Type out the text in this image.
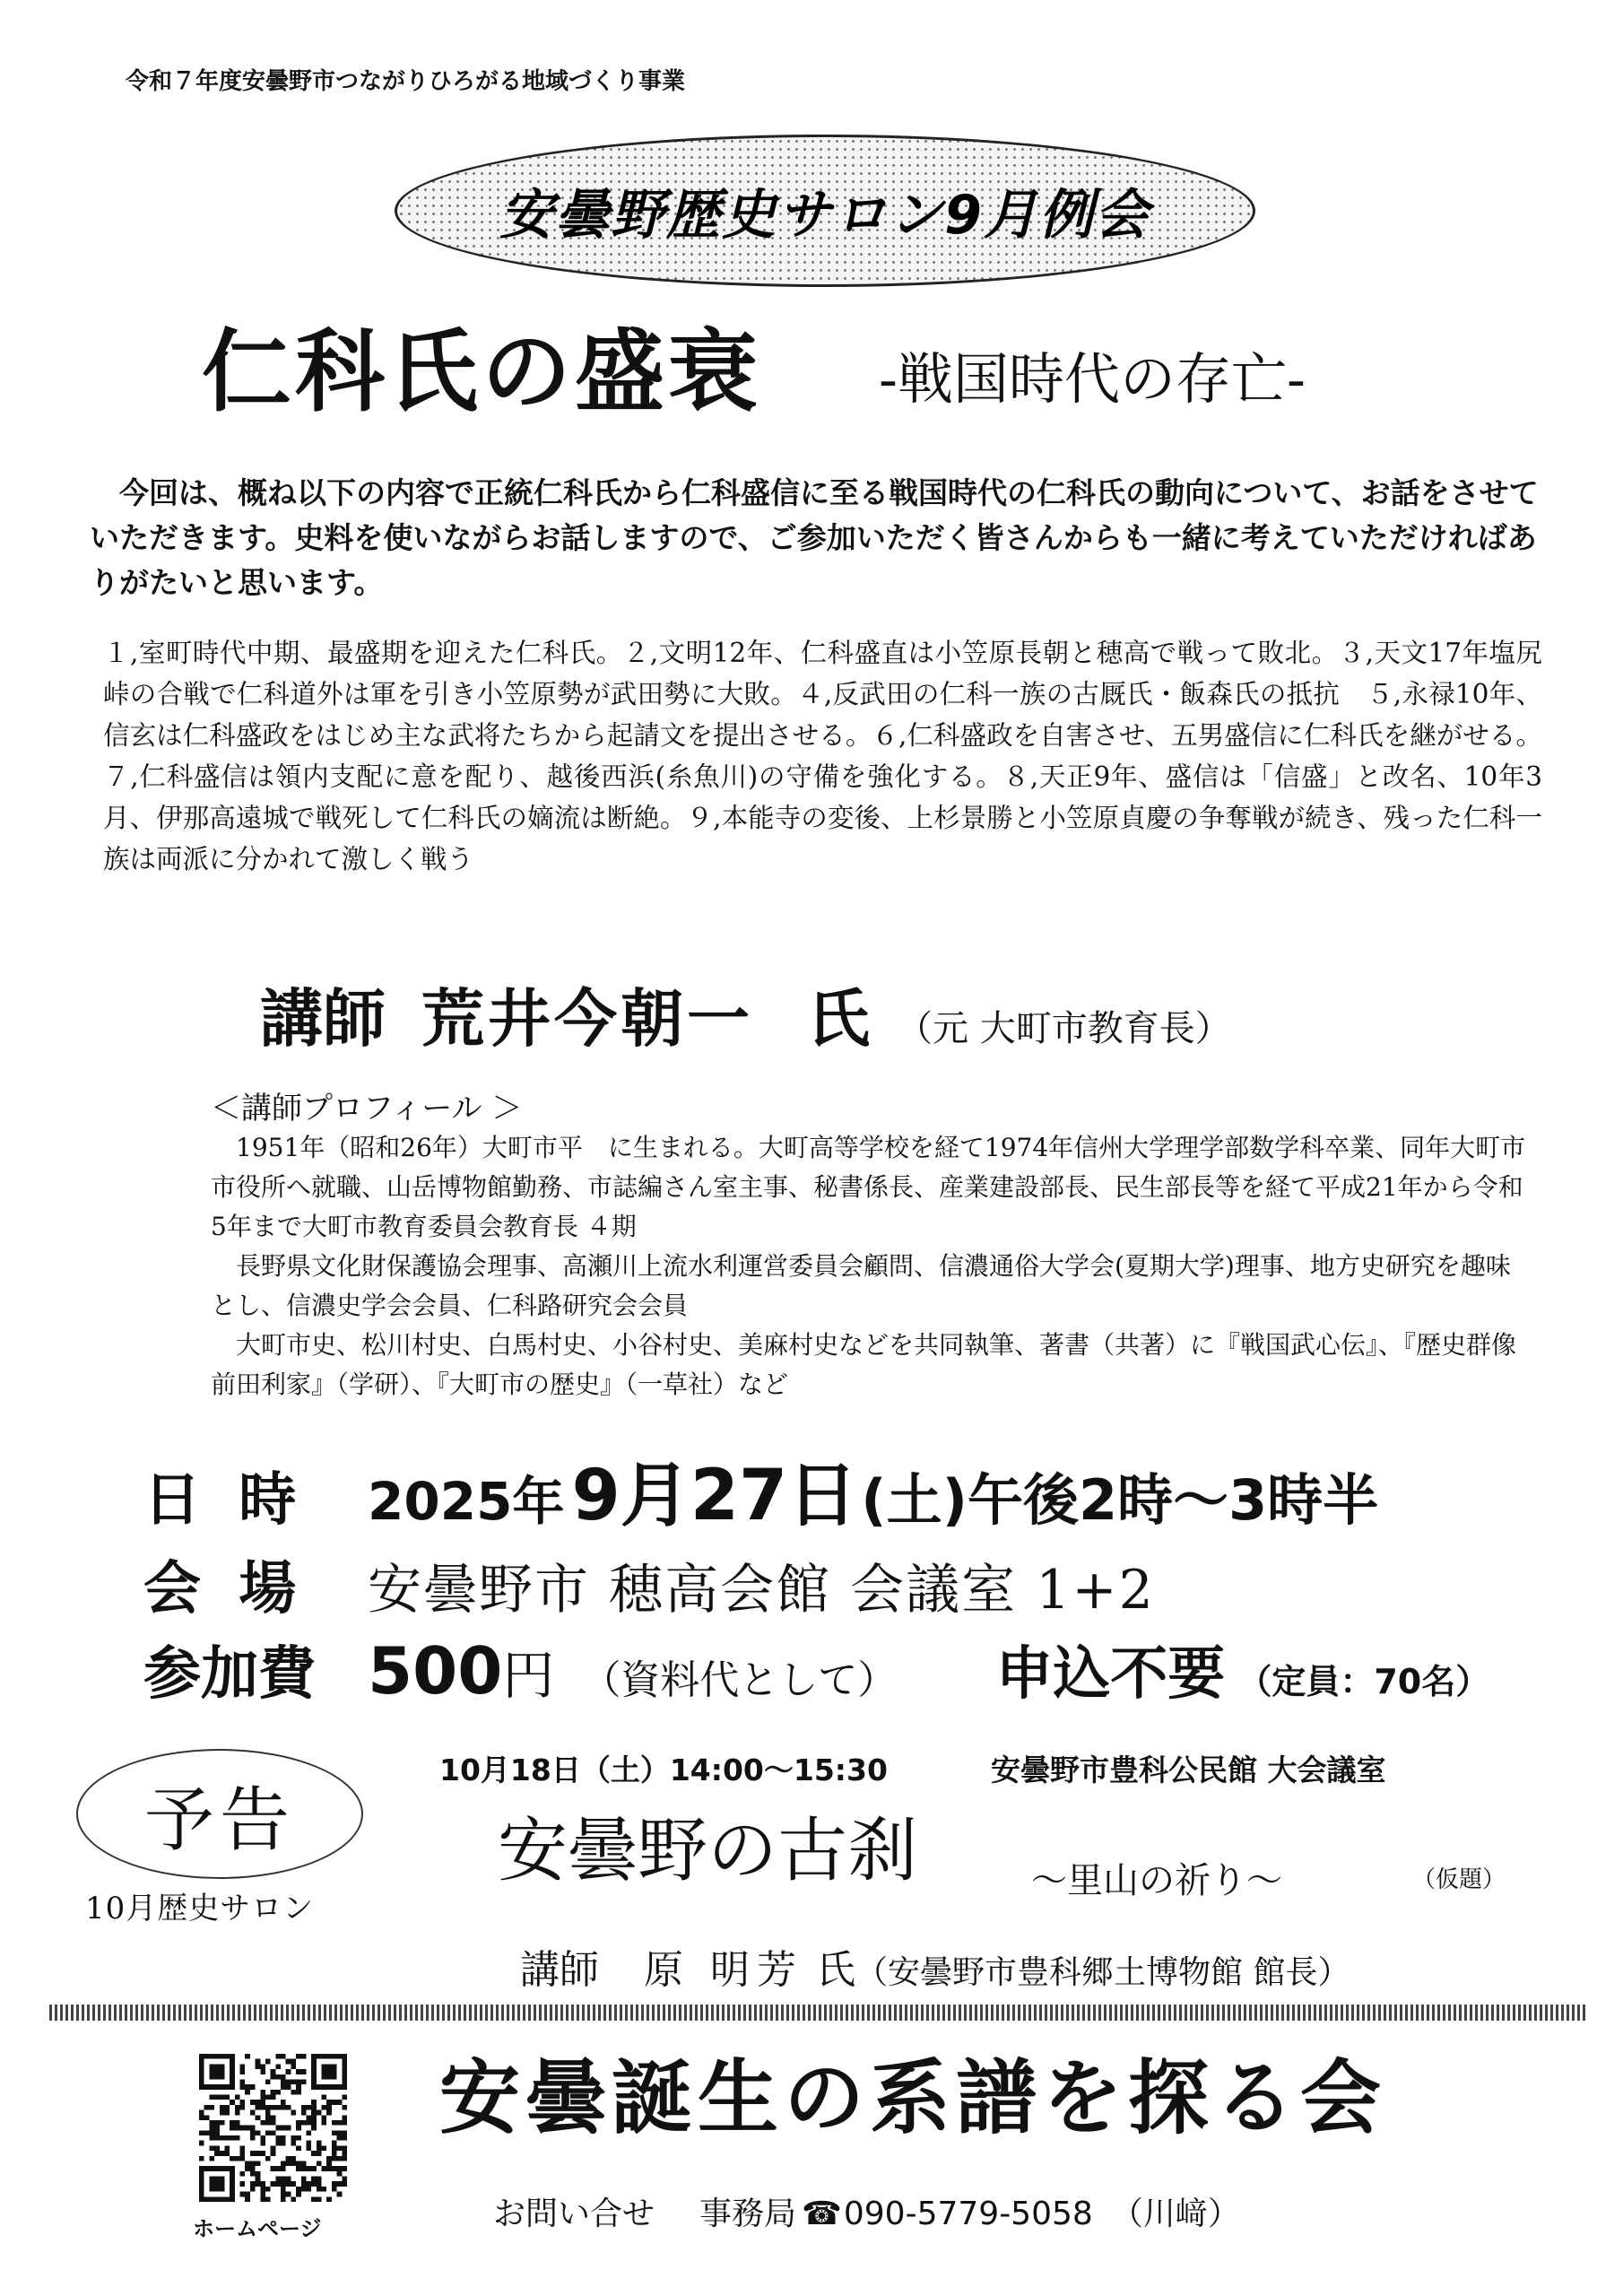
令和７年度安曇野市つながりひろがる地域づくり事業
安曇野歴史サロン9月例会
仁科氏の盛衰 -戦国時代の存亡-
　今回は、概ね以下の内容で正統仁科氏から仁科盛信に至る戦国時代の仁科氏の動向について、お話をさせていただきます。史料を使いながらお話しますので、ご参加いただく皆さんからも一緒に考えていただければありがたいと思います。
１,室町時代中期、最盛期を迎えた仁科氏。２,文明12年、仁科盛直は小笠原長朝と穂高で戦って敗北。３,天文17年塩尻峠の合戦で仁科道外は軍を引き小笠原勢が武田勢に大敗。４,反武田の仁科一族の古厩氏・飯森氏の抵抗　５,永禄10年、信玄は仁科盛政をはじめ主な武将たちから起請文を提出させる。６,仁科盛政を自害させ、五男盛信に仁科氏を継がせる。７,仁科盛信は領内支配に意を配り、越後西浜(糸魚川)の守備を強化する。８,天正9年、盛信は「信盛」と改名、10年3月、伊那高遠城で戦死して仁科氏の嫡流は断絶。９,本能寺の変後、上杉景勝と小笠原貞慶の争奪戦が続き、残った仁科一族は両派に分かれて激しく戦う
講師 荒井今朝一 氏 （元 大町市教育長）
＜講師プロフィール ＞

　1951年（昭和26年）大町市平　に生まれる。大町高等学校を経て1974年信州大学理学部数学科卒業、同年大町市市役所へ就職、山岳博物館勤務、市誌編さん室主事、秘書係長、産業建設部長、民生部長等を経て平成21年から令和5年まで大町市教育委員会教育長 ４期

　長野県文化財保護協会理事、高瀬川上流水利運営委員会顧問、信濃通俗大学会(夏期大学)理事、地方史研究を趣味とし、信濃史学会会員、仁科路研究会会員

　大町市史、松川村史、白馬村史、小谷村史、美麻村史などを共同執筆、著書（共著）に『戦国武心伝』、『歴史群像前田利家』（学研）、『大町市の歴史』（一草社）など

日 時	2025年 9月27日 (土)午後2時～3時半
会 場	安曇野市 穂高会館 会議室 1+2
参加費 500 円 （資料代として） 申込不要 （定員：70名）
予告
10月歴史サロン
10月18日（土）14:00～15:30	安曇野市豊科公民館 大会議室
安曇野の古刹	～里山の祈り～	（仮題）
講師 原 明芳 氏 （安曇野市豊科郷土博物館 館長）
ホームページ
安曇誕生の系譜を探る会
お問い合せ 事務局 ☎ 090-5779-5058 （川﨑）
